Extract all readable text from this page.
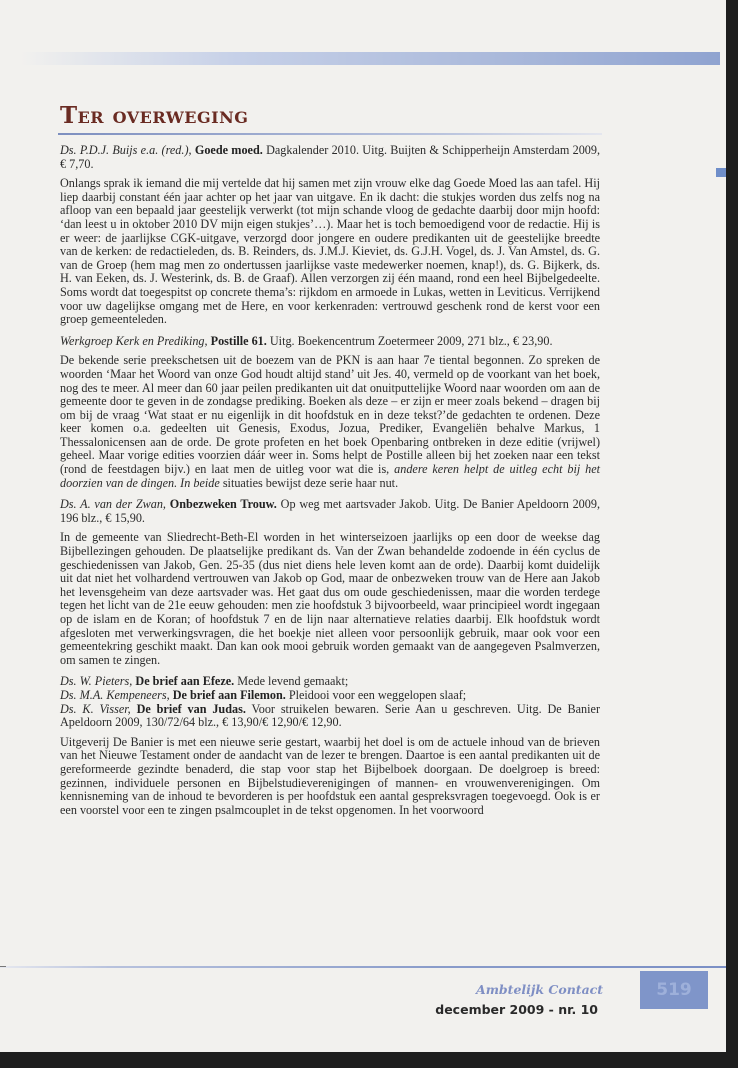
Ter overweging

Ds. P.D.J. Buijs e.a. (red.), Goede moed. Dagkalender 2010. Uitg. Buijten & Schipperheijn Amsterdam 2009, € 7,70.

Onlangs sprak ik iemand die mij vertelde dat hij samen met zijn vrouw elke dag Goede Moed las aan tafel. Hij liep daarbij constant één jaar achter op het jaar van uitgave. En ik dacht: die stukjes worden dus zelfs nog na afloop van een bepaald jaar geestelijk verwerkt (tot mijn schande vloog de gedachte daarbij door mijn hoofd: ‘dan leest u in oktober 2010 DV mijn eigen stukjes’…). Maar het is toch bemoedigend voor de redactie. Hij is er weer: de jaarlijkse CGK-uitgave, verzorgd door jongere en oudere predikanten uit de geestelijke breedte van de kerken: de redactieleden, ds. B. Reinders, ds. J.M.J. Kieviet, ds. G.J.H. Vogel, ds. J. Van Amstel, ds. G. van de Groep (hem mag men zo ondertussen jaarlijkse vaste medewerker noemen, knap!), ds. G. Bijkerk, ds. H. van Eeken, ds. J. Westerink, ds. B. de Graaf). Allen verzorgen zij één maand, rond een heel Bijbelgedeelte. Soms wordt dat toegespitst op concrete thema’s: rijkdom en armoede in Lukas, wetten in Leviticus. Verrijkend voor uw dagelijkse omgang met de Here, en voor kerkenraden: vertrouwd geschenk rond de kerst voor een groep gemeenteleden.

Werkgroep Kerk en Prediking, Postille 61. Uitg. Boekencentrum Zoetermeer 2009, 271 blz., € 23,90.

De bekende serie preekschetsen uit de boezem van de PKN is aan haar 7e tiental begonnen. Zo spreken de woorden ‘Maar het Woord van onze God houdt altijd stand’ uit Jes. 40, vermeld op de voorkant van het boek, nog des te meer. Al meer dan 60 jaar peilen predikanten uit dat onuitputtelijke Woord naar woorden om aan de gemeente door te geven in de zondagse prediking. Boeken als deze – er zijn er meer zoals bekend – dragen bij om bij de vraag ‘Wat staat er nu eigenlijk in dit hoofdstuk en in deze tekst?’de gedachten te ordenen. Deze keer komen o.a. gedeelten uit Genesis, Exodus, Jozua, Prediker, Evangeliën behalve Markus, 1 Thessalonicensen aan de orde. De grote profeten en het boek Openbaring ontbreken in deze editie (vrijwel) geheel. Maar vorige edities voorzien dáár weer in. Soms helpt de Postille alleen bij het zoeken naar een tekst (rond de feestdagen bijv.) en laat men de uitleg voor wat die is, andere keren helpt de uitleg echt bij het doorzien van de dingen. In beide situaties bewijst deze serie haar nut.

Ds. A. van der Zwan, Onbezweken Trouw. Op weg met aartsvader Jakob. Uitg. De Banier Apeldoorn 2009, 196 blz., € 15,90.

In de gemeente van Sliedrecht-Beth-El worden in het winterseizoen jaarlijks op een door de weekse dag Bijbellezingen gehouden. De plaatselijke predikant ds. Van der Zwan behandelde zodoende in één cyclus de geschiedenissen van Jakob, Gen. 25-35 (dus niet diens hele leven komt aan de orde). Daarbij komt duidelijk uit dat niet het volhardend vertrouwen van Jakob op God, maar de onbezweken trouw van de Here aan Jakob het levensgeheim van deze aartsvader was. Het gaat dus om oude geschiedenissen, maar die worden terdege tegen het licht van de 21e eeuw gehouden: men zie hoofdstuk 3 bijvoorbeeld, waar principieel wordt ingegaan op de islam en de Koran; of hoofdstuk 7 en de lijn naar alternatieve relaties daarbij. Elk hoofdstuk wordt afgesloten met verwerkingsvragen, die het boekje niet alleen voor persoonlijk gebruik, maar ook voor een gemeentekring geschikt maakt. Dan kan ook mooi gebruik worden gemaakt van de aangegeven Psalmverzen, om samen te zingen.

Ds. W. Pieters, De brief aan Efeze. Mede levend gemaakt;
Ds. M.A. Kempeneers, De brief aan Filemon. Pleidooi voor een weggelopen slaaf;
Ds. K. Visser, De brief van Judas. Voor struikelen bewaren. Serie Aan u geschreven. Uitg. De Banier Apeldoorn 2009, 130/72/64 blz., € 13,90/€ 12,90/€ 12,90.

Uitgeverij De Banier is met een nieuwe serie gestart, waarbij het doel is om de actuele inhoud van de brieven van het Nieuwe Testament onder de aandacht van de lezer te brengen. Daartoe is een aantal predikanten uit de gereformeerde gezindte benaderd, die stap voor stap het Bijbelboek doorgaan. De doelgroep is breed: gezinnen, individuele personen en Bijbelstudieverenigingen of mannen- en vrouwenverenigingen. Om kennisneming van de inhoud te bevorderen is per hoofdstuk een aantal gespreksvragen toegevoegd. Ook is er een voorstel voor een te zingen psalmcouplet in de tekst opgenomen. In het voorwoord

Ambtelijk Contact
december 2009 - nr. 10
519
